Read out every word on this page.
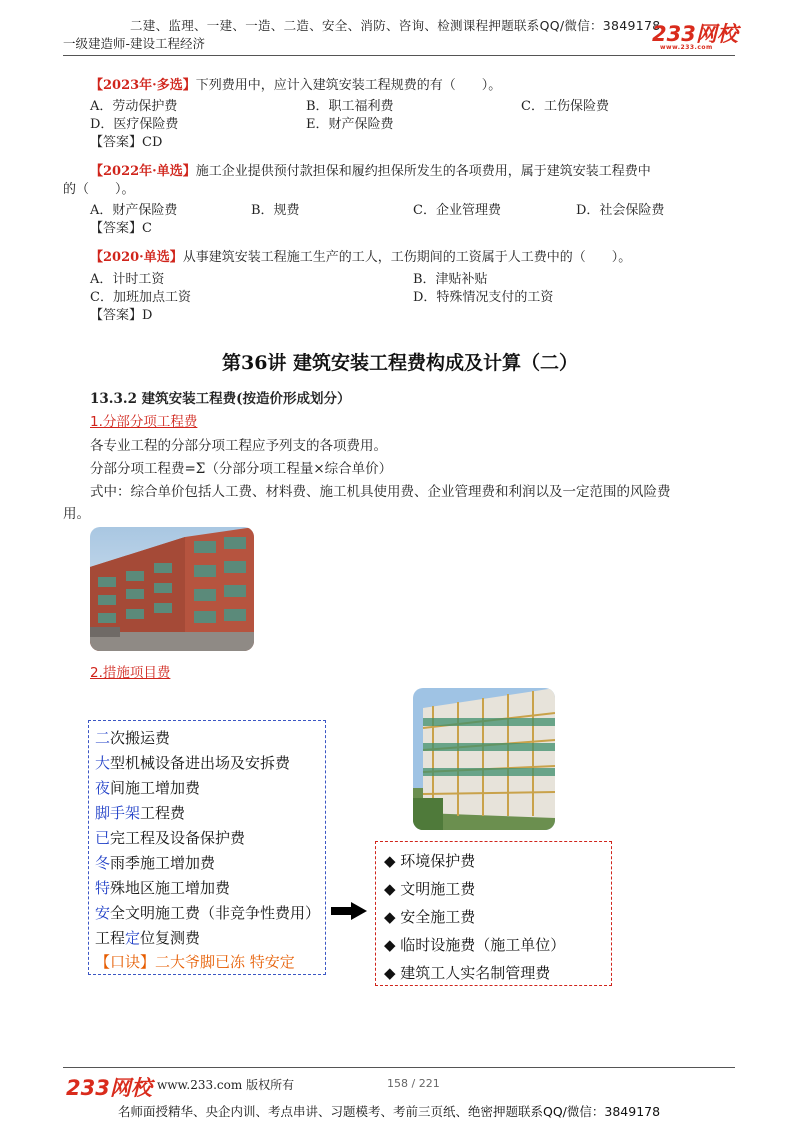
二建、监理、一建、一造、二造、安全、消防、咨询、检测课程押题联系QQ/微信：3849178
一级建造师-建设工程经济	233网校
www.233.com
【2023年·多选】下列费用中，应计入建筑安装工程规费的有（　　）。
A．劳动保护费	B．职工福利费	C．工伤保险费
D．医疗保险费	E．财产保险费
【答案】CD
【2022年·单选】施工企业提供预付款担保和履约担保所发生的各项费用，属于建筑安装工程费中
的（　　）。
A．财产保险费	B．规费	C．企业管理费	D．社会保险费
【答案】C
【2020·单选】从事建筑安装工程施工生产的工人，工伤期间的工资属于人工费中的（　　）。
A．计时工资	B．津贴补贴
C．加班加点工资	D．特殊情况支付的工资
【答案】D
第36讲 建筑安装工程费构成及计算（二）
13.3.2 建筑安装工程费(按造价形成划分）
1.分部分项工程费
各专业工程的分部分项工程应予列支的各项费用。
分部分项工程费=Σ（分部分项工程量×综合单价）
式中：综合单价包括人工费、材料费、施工机具使用费、企业管理费和利润以及一定范围的风险费
用。
2.措施项目费
二次搬运费
大型机械设备进出场及安拆费
夜间施工增加费
脚手架工程费
已完工程及设备保护费
冬雨季施工增加费
特殊地区施工增加费
安全文明施工费（非竞争性费用）
工程定位复测费
【口诀】二大爷脚已冻 特安定
◆ 环境保护费
◆ 文明施工费
◆ 安全施工费
◆ 临时设施费（施工单位）
◆ 建筑工人实名制管理费
233网校 www.233.com 版权所有	158 / 221
名师面授精华、央企内训、考点串讲、习题模考、考前三页纸、绝密押题联系QQ/微信：3849178
